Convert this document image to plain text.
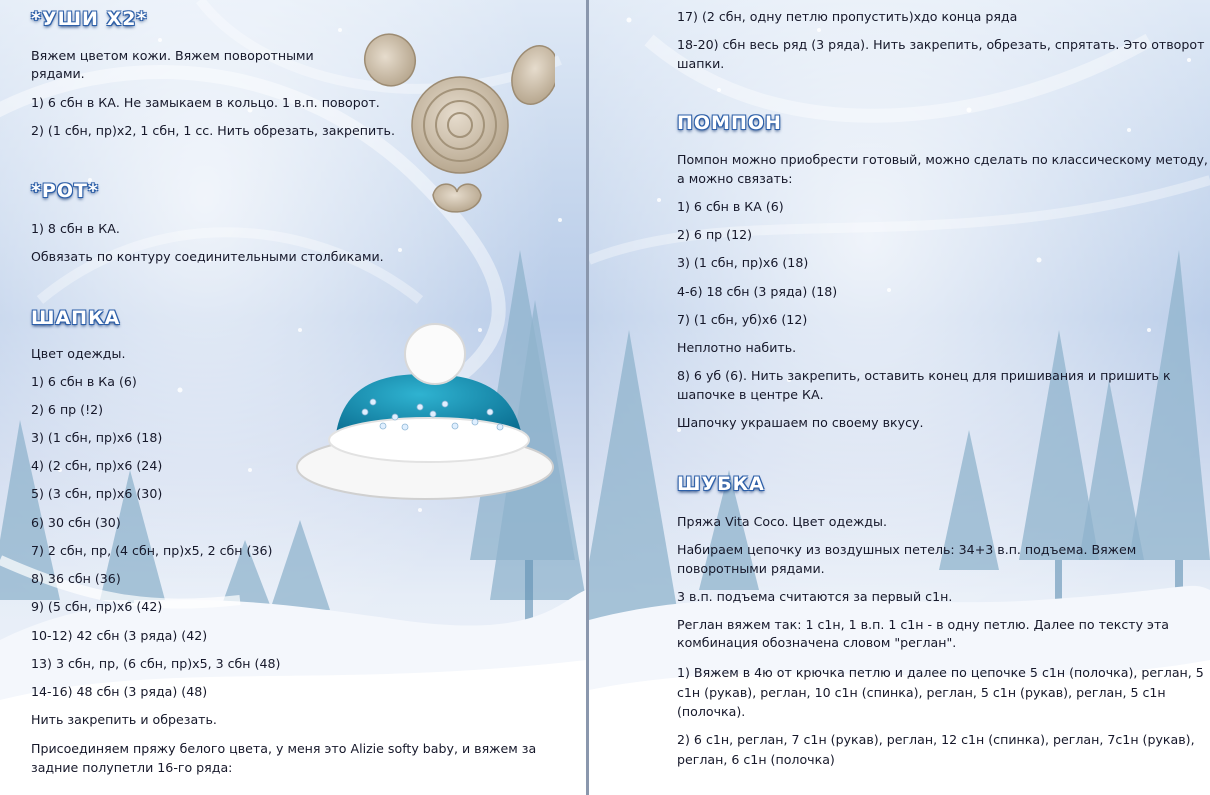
*УШИ X2*
Вяжем цветом кожи. Вяжем поворотными
рядами.
1) 6 сбн в КА. Не замыкаем в кольцо. 1 в.п. поворот.
2) (1 сбн, пр)х2, 1 сбн, 1 сс. Нить обрезать, закрепить.
*РОТ*
1) 8 сбн в КА.
Обвязать по контуру соединительными столбиками.
ШАПКА
Цвет одежды.
1) 6 сбн в Ка (6)
2) 6 пр (!2)
3) (1 сбн, пр)х6 (18)
4) (2 сбн, пр)х6 (24)
5) (3 сбн, пр)х6 (30)
6) 30 сбн (30)
7) 2 сбн, пр, (4 сбн, пр)х5, 2 сбн (36)
8) 36 сбн (36)
9) (5 сбн, пр)х6 (42)
10-12) 42 сбн (3 ряда) (42)
13) 3 сбн, пр, (6 сбн, пр)х5, 3 сбн (48)
14-16) 48 сбн (3 ряда) (48)
Нить закрепить и обрезать.
Присоединяем пряжу белого цвета, у меня это Alizie softy baby, и вяжем за
задние полупетли 16-го ряда:
17) (2 сбн, одну петлю пропустить)хдо конца ряда
18-20) сбн весь ряд (3 ряда). Нить закрепить, обрезать, спрятать. Это отворот
шапки.
ПОМПОН
Помпон можно приобрести готовый, можно сделать по классическому методу,
а можно связать:
1) 6 сбн в КА (6)
2) 6 пр (12)
3) (1 сбн, пр)х6 (18)
4-6) 18 сбн (3 ряда) (18)
7) (1 сбн, уб)х6 (12)
Неплотно набить.
8) 6 уб (6). Нить закрепить, оставить конец для пришивания и пришить к
шапочке в центре КА.
Шапочку украшаем по своему вкусу.
ШУБКА
Пряжа Vita Coco. Цвет одежды.
Набираем цепочку из воздушных петель: 34+3 в.п. подъема. Вяжем
поворотными рядами.
3 в.п. подъема считаются за первый с1н.
Реглан вяжем так: 1 с1н, 1 в.п. 1 с1н - в одну петлю. Далее по тексту эта
комбинация обозначена словом "реглан".
1) Вяжем в 4ю от крючка петлю и далее по цепочке 5 с1н (полочка), реглан, 5
с1н (рукав), реглан, 10 с1н (спинка), реглан, 5 с1н (рукав), реглан, 5 с1н
(полочка).
2) 6 с1н, реглан, 7 с1н (рукав), реглан, 12 с1н (спинка), реглан, 7с1н (рукав),
реглан, 6 с1н (полочка)
